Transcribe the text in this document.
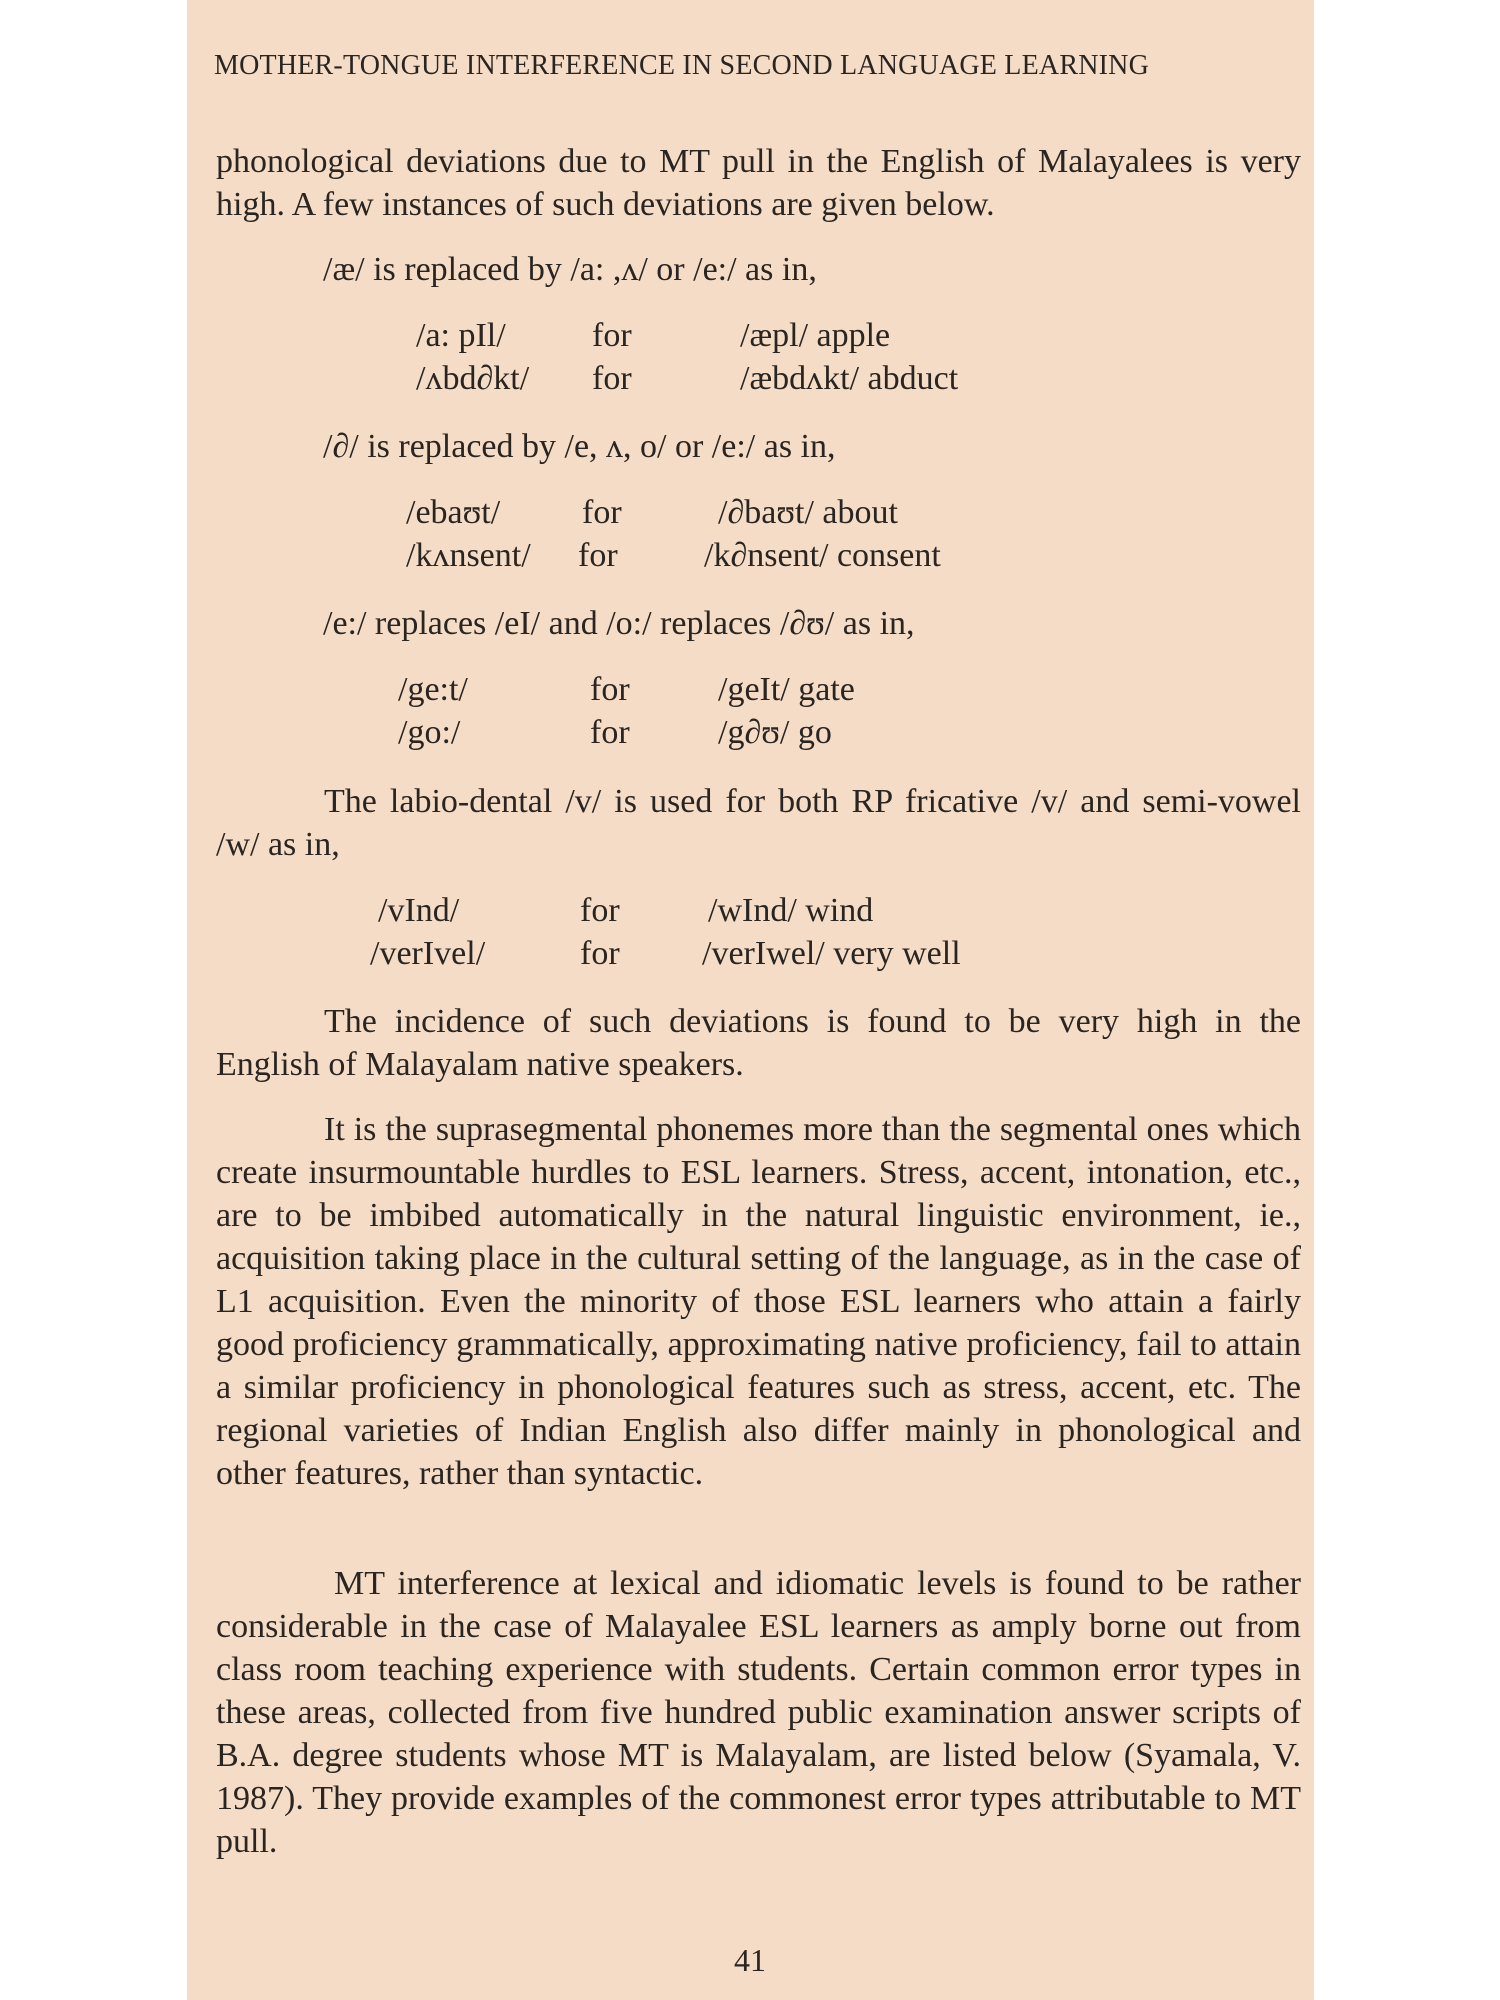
MOTHER-TONGUE INTERFERENCE IN SECOND LANGUAGE LEARNING

phonological deviations due to MT pull in the English of Malayalees is very high. A few instances of such deviations are given below.

/æ/ is replaced by /a: ,ʌ/ or /e:/ as in,
/a: pIl/	for	/æpl/ apple
/ʌbd∂kt/ for	/æbdʌkt/ abduct
/∂/ is replaced by /e, ʌ, o/ or /e:/ as in,
/ebaʊt/ for	/∂baʊt/ about
/kʌnsent/ for	/k∂nsent/ consent
/e:/ replaces /eI/ and /o:/ replaces /∂ʊ/ as in,
/ge:t/	for	/geIt/ gate
/go:/	for	/g∂ʊ/ go

The labio-dental /v/ is used for both RP fricative /v/ and semi-vowel /w/ as in,

/vInd/	for	/wInd/ wind
/verIvel/	for /verIwel/ very well

The incidence of such deviations is found to be very high in the English of Malayalam native speakers.

It is the suprasegmental phonemes more than the segmental ones which create insurmountable hurdles to ESL learners. Stress, accent, intonation, etc., are to be imbibed automatically in the natural linguistic environment, ie., acquisition taking place in the cultural setting of the language, as in the case of L1 acquisition. Even the minority of those ESL learners who attain a fairly good proficiency grammatically, approximating native proficiency, fail to attain a similar proficiency in phonological features such as stress, accent, etc. The regional varieties of Indian English also differ mainly in phonological and other features, rather than syntactic.

MT interference at lexical and idiomatic levels is found to be rather considerable in the case of Malayalee ESL learners as amply borne out from class room teaching experience with students. Certain common error types in these areas, collected from five hundred public examination answer scripts of B.A. degree students whose MT is Malayalam, are listed below (Syamala, V. 1987). They provide examples of the commonest error types attributable to MT pull.

41
